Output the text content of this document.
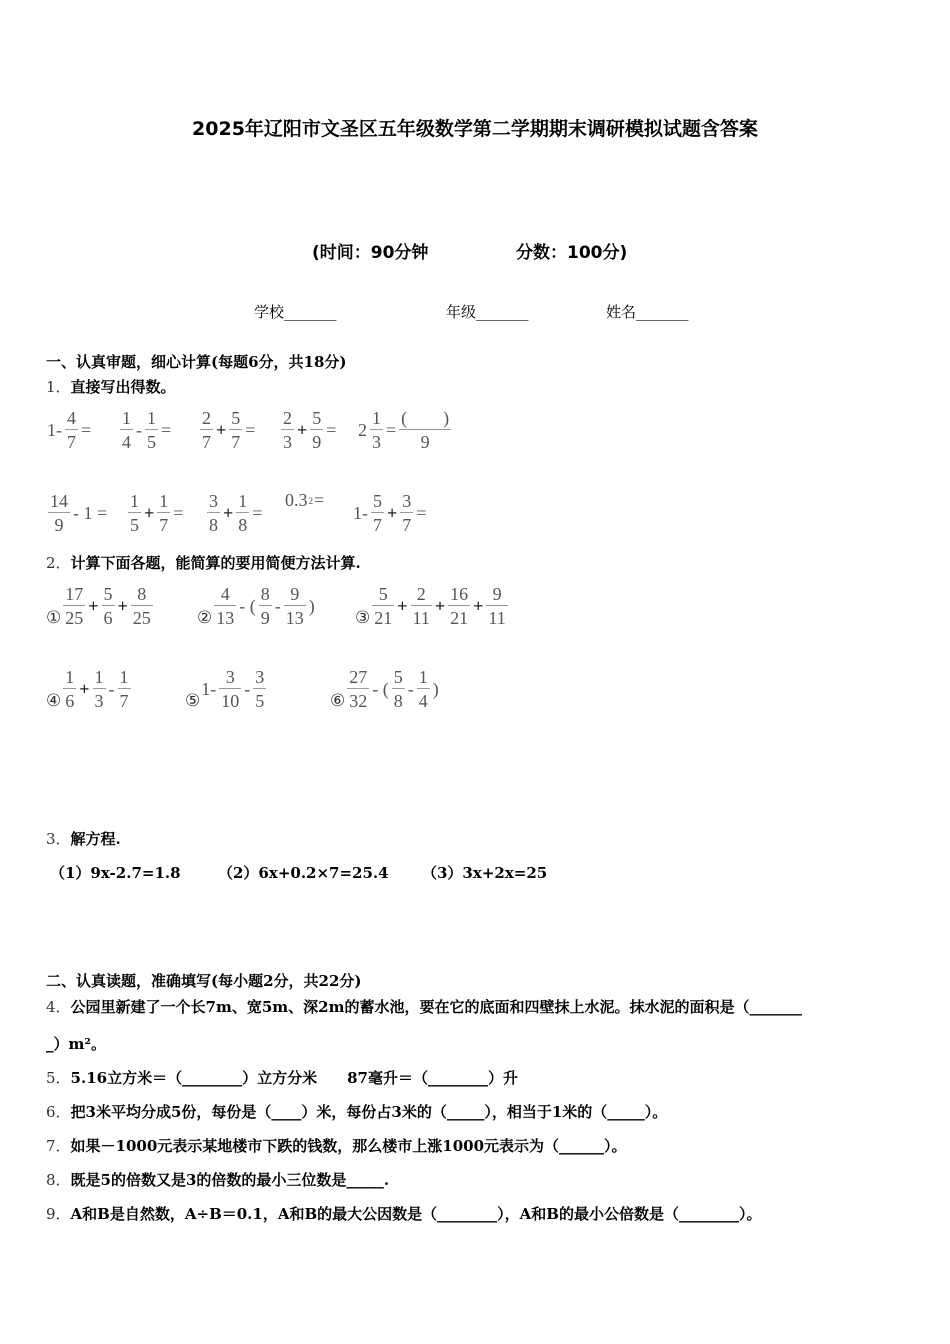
2025年辽阳市文圣区五年级数学第二学期期末调研模拟试题含答案
(时间：90分钟	分数：100分)
学校_______	年级_______	姓名_______
一、认真审题，细心计算(每题6分，共18分)
1．直接写出得数。
$1- \frac{4}{7} = \frac{1}{4} - \frac{1}{5} = \frac{2}{7} + \frac{5}{7} = \frac{2}{3} + \frac{5}{9} = 2 \frac{1}{3} = \frac{( )}{9}$
$\frac{14}{9} - 1 = \frac{1}{5} + \frac{1}{7} = \frac{3}{8} + \frac{1}{8}$ =
0.3 2 =
$1- \frac{5}{7} + \frac{3}{7}$ =
2．计算下面各题，能简算的要用简便方法计算.
① $\frac{17}{25} + \frac{5}{6} + \frac{8}{25}$	② $\frac{4}{13}$ - ( $\frac{8}{9} - \frac{9}{13}$ )
③ $\frac{5}{21} + \frac{2}{11} + \frac{16}{21} + \frac{9}{11}$
④ $\frac{1}{6} + \frac{1}{3} - \frac{1}{7}$	⑤
$1- \frac{3}{10} - \frac{3}{5}$	⑥ $\frac{27}{32}$ - ( $\frac{5}{8} - \frac{1}{4}$ )
3．解方程.
（1）9x-2.7=1.8 （2）6x+0.2×7=25.4 （3）3x+2x=25
二、认真读题，准确填写(每小题2分，共22分)
4．公园里新建了一个长7m、宽5m、深2m的蓄水池，要在它的底面和四壁抹上水泥。抹水泥的面积是（_______
_）m²。
5．5.16立方米＝（________）立方分米　　87毫升＝（________）升
6．把3米平均分成5份，每份是（____）米，每份占3米的（_____），相当于1米的（_____）。
7．如果－1000元表示某地楼市下跌的钱数，那么楼市上涨1000元表示为（______）。
8．既是5的倍数又是3的倍数的最小三位数是_____.
9．A和B是自然数，A÷B＝0.1，A和B的最大公因数是（________），A和B的最小公倍数是（________）。
